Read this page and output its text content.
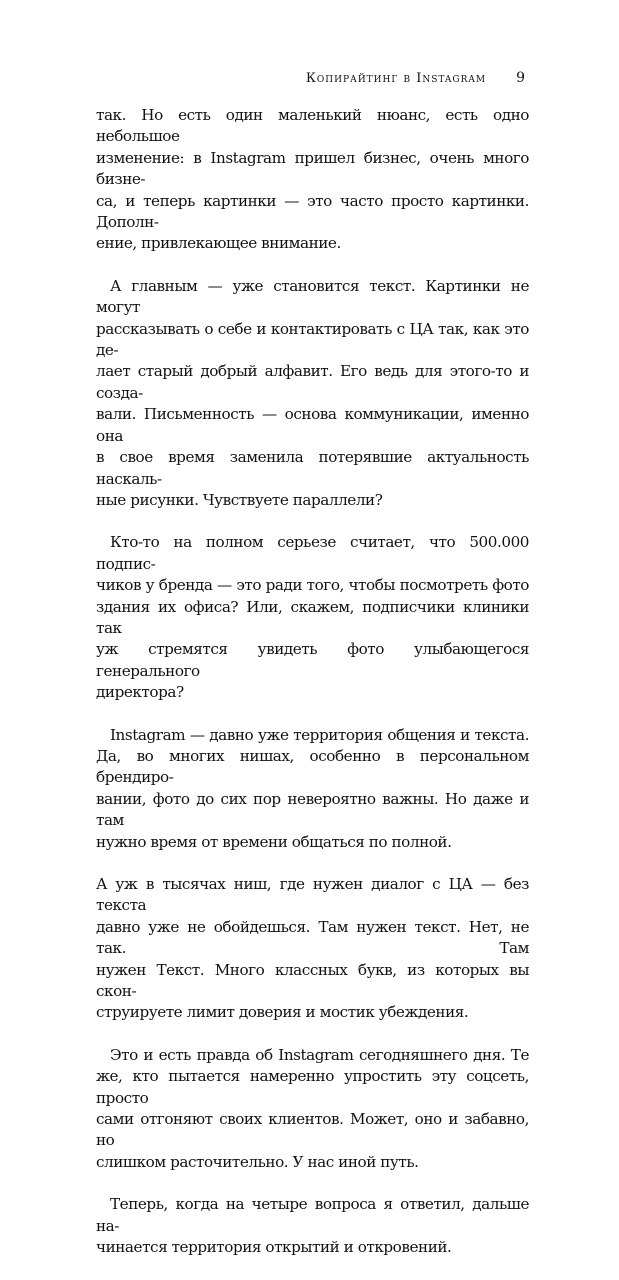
Копирайтинг в Instagram 9

так. Но есть один маленький нюанс, есть одно небольшое
изменение: в Instagram пришел бизнес, очень много бизне-
са, и теперь картинки — это часто просто картинки. Дополн-
ение, привлекающее внимание.

А главным — уже становится текст. Картинки не могут
рассказывать о себе и контактировать с ЦА так, как это де-
лает старый добрый алфавит. Его ведь для этого-то и созда-
вали. Письменность — основа коммуникации, именно она
в свое время заменила потерявшие актуальность наскаль-
ные рисунки. Чувствуете параллели?

Кто-то на полном серьезе считает, что 500.000 подпис-
чиков у бренда — это ради того, чтобы посмотреть фото
здания их офиса? Или, скажем, подписчики клиники так
уж стремятся увидеть фото улыбающегося генерального
директора?

Instagram — давно уже территория общения и текста.
Да, во многих нишах, особенно в персональном брендиро-
вании, фото до сих пор невероятно важны. Но даже и там
нужно время от времени общаться по полной.

А уж в тысячах ниш, где нужен диалог с ЦА — без текста
давно уже не обойдешься. Там нужен текст. Нет, не так. Там
нужен Текст. Много классных букв, из которых вы скон-
струируете лимит доверия и мостик убеждения.

Это и есть правда об Instagram сегодняшнего дня. Те
же, кто пытается намеренно упростить эту соцсеть, просто
сами отгоняют своих клиентов. Может, оно и забавно, но
слишком расточительно. У нас иной путь.

Теперь, когда на четыре вопроса я ответил, дальше на-
чинается территория открытий и откровений.
